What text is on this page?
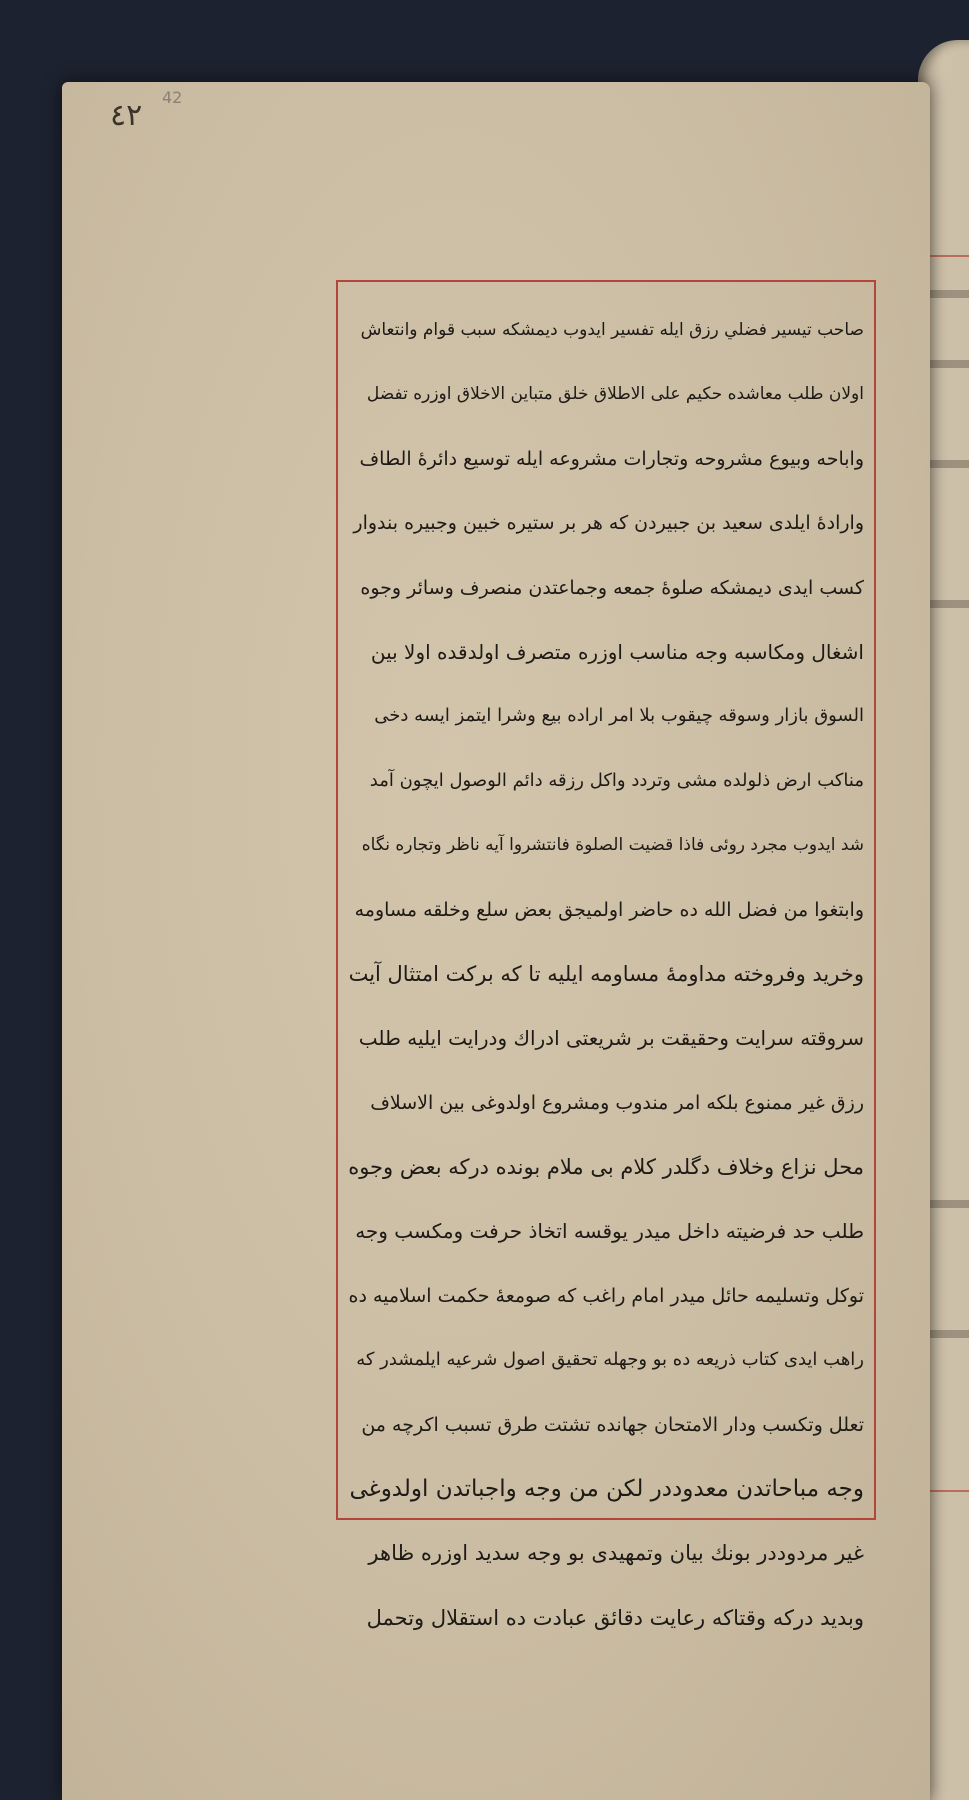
٤٢
42
صاحب تيسير فضلي رزق ايله تفسير ايدوب ديمشكه سبب قوام وانتعاش
اولان طلب معاشده حكيم على الاطلاق خلق متباين الاخلاق اوزره تفضل
واباحه وبيوع مشروحه وتجارات مشروعه ايله توسيع دائرهٔ الطاف
وارادهٔ ايلدى سعيد بن جبيردن كه هر بر ستيره خبين وجبيره بندوار
كسب ايدى ديمشكه صلوهٔ جمعه وجماعتدن منصرف وسائر وجوه
اشغال ومكاسبه وجه مناسب اوزره متصرف اولدقده اولا بين
السوق بازار وسوقه چيقوب بلا امر اراده بيع وشرا ايتمز ايسه دخى
مناكب ارض ذلولده مشى وتردد واكل رزقه دائم الوصول ايچون آمد
شد ايدوب مجرد روئى فاذا قضيت الصلوة فانتشروا آيه ناظر وتجاره نگاه
وابتغوا من فضل الله ده حاضر اولميجق بعض سلع وخلقه مساومه
وخريد وفروخته مداومهٔ مساومه ايليه تا كه بركت امتثال آيت
سروقته سرايت وحقيقت بر شريعتى ادراك ودرايت ايليه طلب
رزق غير ممنوع بلكه امر مندوب ومشروع اولدوغى بين الاسلاف
محل نزاع وخلاف دگلدر كلام بى ملام بونده دركه بعض وجوه
طلب حد فرضيته داخل ميدر يوقسه اتخاذ حرفت ومكسب وجه
توكل وتسليمه حائل ميدر امام راغب كه صومعهٔ حكمت اسلاميه ده
راهب ايدى كتاب ذريعه ده بو وجهله تحقيق اصول شرعيه ايلمشدر كه
تعلل وتكسب ودار الامتحان جهانده تشتت طرق تسبب اكرچه من
وجه مباحاتدن معدوددر لكن من وجه واجباتدن اولدوغى
غير مردوددر بونك بيان وتمهيدى بو وجه سديد اوزره ظاهر
وبديد دركه وقتاكه رعايت دقائق عبادت ده استقلال وتحمل
